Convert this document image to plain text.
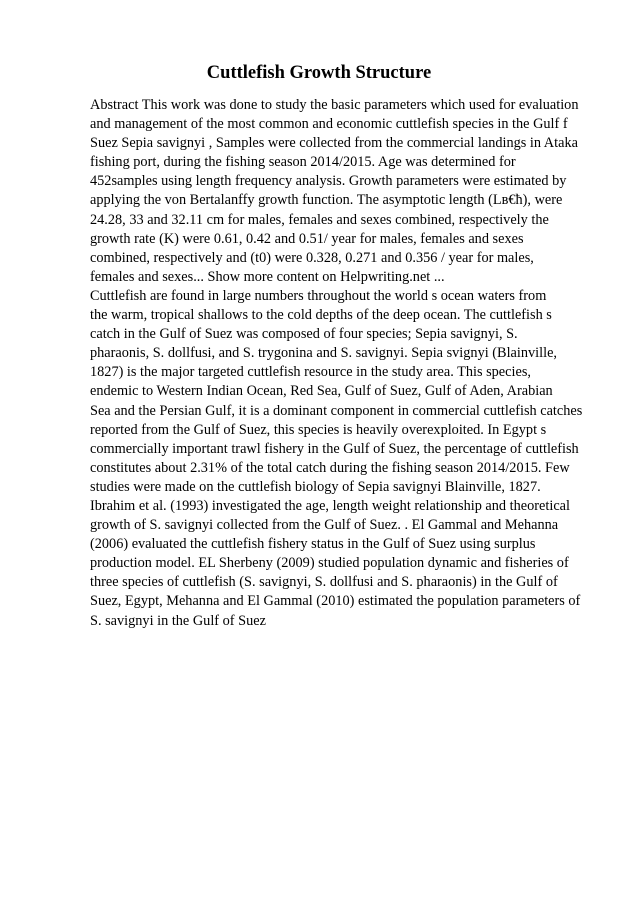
Cuttlefish Growth Structure
Abstract This work was done to study the basic parameters which used for evaluation
and management of the most common and economic cuttlefish species in the Gulf f
Suez Sepia savignyi , Samples were collected from the commercial landings in Ataka
fishing port, during the fishing season 2014/2015. Age was determined for
452samples using length frequency analysis. Growth parameters were estimated by
applying the von Bertalanffy growth function. The asymptotic length (Lв€ћ), were
24.28, 33 and 32.11 cm for males, females and sexes combined, respectively the
growth rate (K) were 0.61, 0.42 and 0.51/ year for males, females and sexes
combined, respectively and (t0) were 0.328, 0.271 and 0.356 / year for males,
females and sexes... Show more content on Helpwriting.net ...
Cuttlefish are found in large numbers throughout the world s ocean waters from
the warm, tropical shallows to the cold depths of the deep ocean. The cuttlefish s
catch in the Gulf of Suez was composed of four species; Sepia savignyi, S.
pharaonis, S. dollfusi, and S. trygonina and S. savignyi. Sepia svignyi (Blainville,
1827) is the major targeted cuttlefish resource in the study area. This species,
endemic to Western Indian Ocean, Red Sea, Gulf of Suez, Gulf of Aden, Arabian
Sea and the Persian Gulf, it is a dominant component in commercial cuttlefish catches
reported from the Gulf of Suez, this species is heavily overexploited. In Egypt s
commercially important trawl fishery in the Gulf of Suez, the percentage of cuttlefish
constitutes about 2.31% of the total catch during the fishing season 2014/2015. Few
studies were made on the cuttlefish biology of Sepia savignyi Blainville, 1827.
Ibrahim et al. (1993) investigated the age, length weight relationship and theoretical
growth of S. savignyi collected from the Gulf of Suez. . El Gammal and Mehanna
(2006) evaluated the cuttlefish fishery status in the Gulf of Suez using surplus
production model. EL Sherbeny (2009) studied population dynamic and fisheries of
three species of cuttlefish (S. savignyi, S. dollfusi and S. pharaonis) in the Gulf of
Suez, Egypt, Mehanna and El Gammal (2010) estimated the population parameters of
S. savignyi in the Gulf of Suez
